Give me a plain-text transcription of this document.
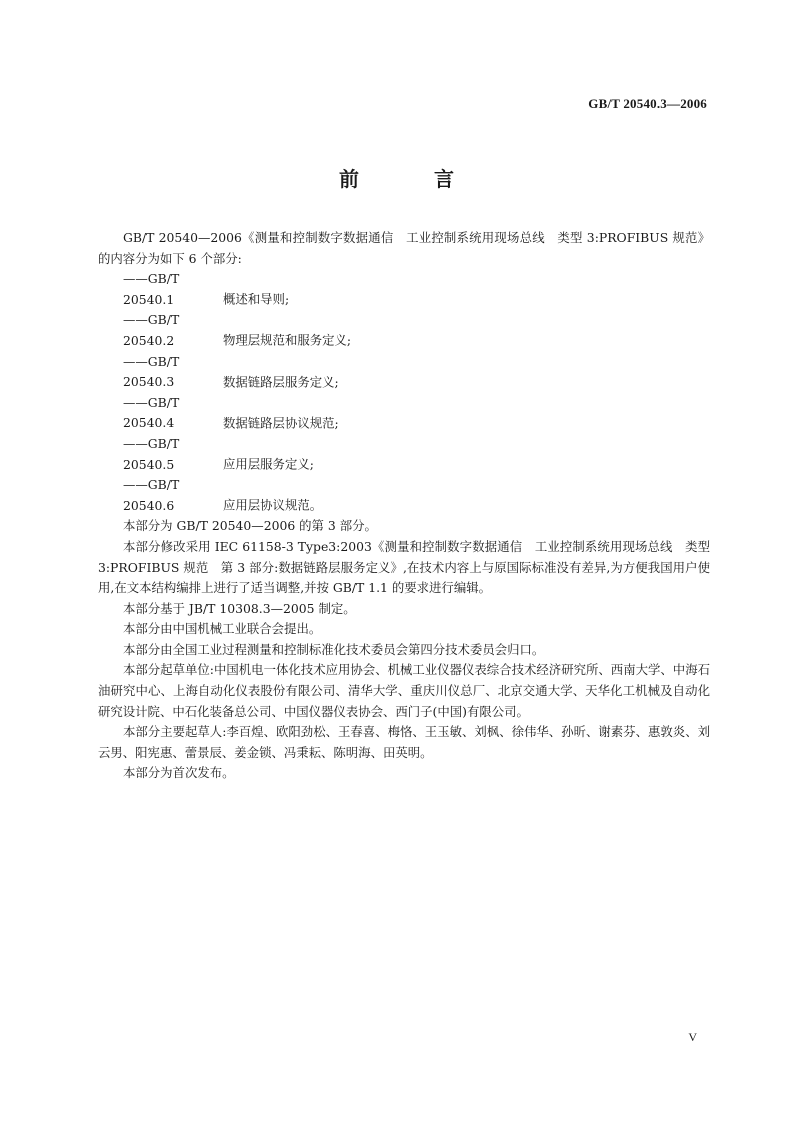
GB/T 20540.3—2006
前 言

GB/T 20540—2006《测量和控制数字数据通信　工业控制系统用现场总线　类型 3:PROFIBUS 规范》的内容分为如下 6 个部分:

——GB/T 20540.1	概述和导则;

——GB/T 20540.2	物理层规范和服务定义;

——GB/T 20540.3	数据链路层服务定义;

——GB/T 20540.4	数据链路层协议规范;

——GB/T 20540.5	应用层服务定义;

——GB/T 20540.6	应用层协议规范。

本部分为 GB/T 20540—2006 的第 3 部分。

本部分修改采用 IEC 61158-3 Type3:2003《测量和控制数字数据通信　工业控制系统用现场总线　类型 3:PROFIBUS 规范　第 3 部分:数据链路层服务定义》,在技术内容上与原国际标准没有差异,为方便我国用户使用,在文本结构编排上进行了适当调整,并按 GB/T 1.1 的要求进行编辑。

本部分基于 JB/T 10308.3—2005 制定。

本部分由中国机械工业联合会提出。

本部分由全国工业过程测量和控制标准化技术委员会第四分技术委员会归口。

本部分起草单位:中国机电一体化技术应用协会、机械工业仪器仪表综合技术经济研究所、西南大学、中海石油研究中心、上海自动化仪表股份有限公司、清华大学、重庆川仪总厂、北京交通大学、天华化工机械及自动化研究设计院、中石化装备总公司、中国仪器仪表协会、西门子(中国)有限公司。

本部分主要起草人:李百煌、欧阳劲松、王春喜、梅恪、王玉敏、刘枫、徐伟华、孙昕、谢素芬、惠敦炎、刘云男、阳宪惠、蕾景辰、姜金锁、冯秉耘、陈明海、田英明。

本部分为首次发布。

V
